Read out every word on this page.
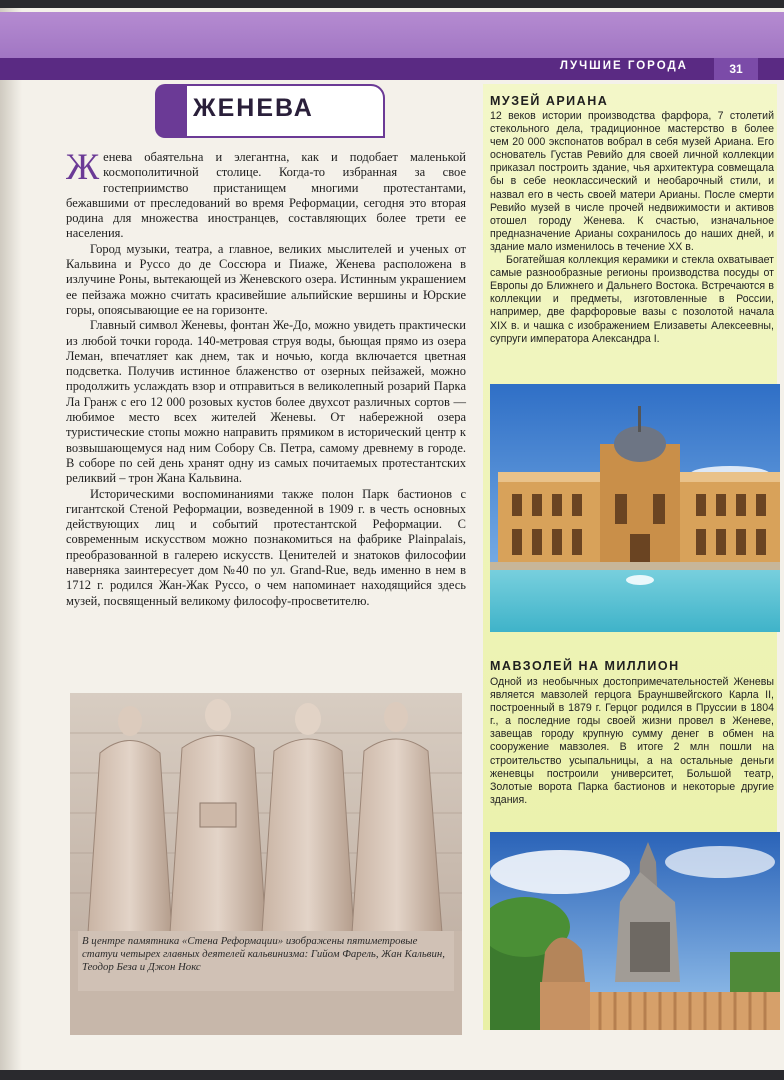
ЛУЧШИЕ ГОРОДА	31
ЖЕНЕВА

Женева обаятельна и элегантна, как и подобает маленькой космополитичной столице. Когда-то избранная за свое гостеприимство пристанищем многими протестантами, бежавшими от преследований во время Реформации, сегодня это вторая родина для множества иностранцев, составляющих более трети ее населения.

Город музыки, театра, а главное, великих мыслителей и ученых от Кальвина и Руссо до де Соссюра и Пиаже, Женева расположена в излучине Роны, вытекающей из Женевского озера. Истинным украшением ее пейзажа можно считать красивейшие альпийские вершины и Юрские горы, опоясывающие ее на горизонте.

Главный символ Женевы, фонтан Же-До, можно увидеть практически из любой точки города. 140-метровая струя воды, бьющая прямо из озера Леман, впечатляет как днем, так и ночью, когда включается цветная подсветка. Получив истинное блаженство от озерных пейзажей, можно продолжить услаждать взор и отправиться в великолепный розарий Парка Ла Гранж с его 12 000 розовых кустов более двухсот различных сортов — любимое место всех жителей Женевы. От набережной озера туристические стопы можно направить прямиком в исторический центр к возвышающемуся над ним Собору Св. Петра, самому древнему в городе. В соборе по сей день хранят одну из самых почитаемых протестантских реликвий – трон Жана Кальвина.

Историческими воспоминаниями также полон Парк бастионов с гигантской Стеной Реформации, возведенной в 1909 г. в честь основных действующих лиц и событий протестантской Реформации. С современным искусством можно познакомиться на фабрике Plainpalais, преобразованной в галерею искусств. Ценителей и знатоков философии наверняка заинтересует дом №40 по ул. Grand-Rue, ведь именно в нем в 1712 г. родился Жан-Жак Руссо, о чем напоминает находящийся здесь музей, посвященный великому философу-просветителю.

В центре памятника «Стена Реформации» изображены пятиметровые статуи четырех главных деятелей кальвинизма: Гийом Фарель, Жан Кальвин, Теодор Беза и Джон Нокс
МУЗЕЙ АРИАНА

12 веков истории производства фарфора, 7 столетий стекольного дела, традиционное мастерство в более чем 20 000 экспонатов вобрал в себя музей Ариана. Его основатель Густав Ревийо для своей личной коллекции приказал построить здание, чья архитектура совмещала бы в себе неоклассический и необарочный стили, и назвал его в честь своей матери Арианы. После смерти Ревийо музей в числе прочей недвижимости и активов отошел городу Женева. К счастью, изначальное предназначение Арианы сохранилось до наших дней, и здание мало изменилось в течение XX в.

Богатейшая коллекция керамики и стекла охватывает самые разнообразные регионы производства посуды от Европы до Ближнего и Дальнего Востока. Встречаются в коллекции и предметы, изготовленные в России, например, две фарфоровые вазы с позолотой начала XIX в. и чашка с изображением Елизаветы Алексеевны, супруги императора Александра I.

МАВЗОЛЕЙ НА МИЛЛИОН

Одной из необычных достопримечательностей Женевы является мавзолей герцога Брауншвейгского Карла II, построенный в 1879 г. Герцог родился в Пруссии в 1804 г., а последние годы своей жизни провел в Женеве, завещав городу крупную сумму денег в обмен на сооружение мавзолея. В итоге 2 млн пошли на строительство усыпальницы, а на остальные деньги женевцы построили университет, Большой театр, Золотые ворота Парка бастионов и некоторые другие здания.
